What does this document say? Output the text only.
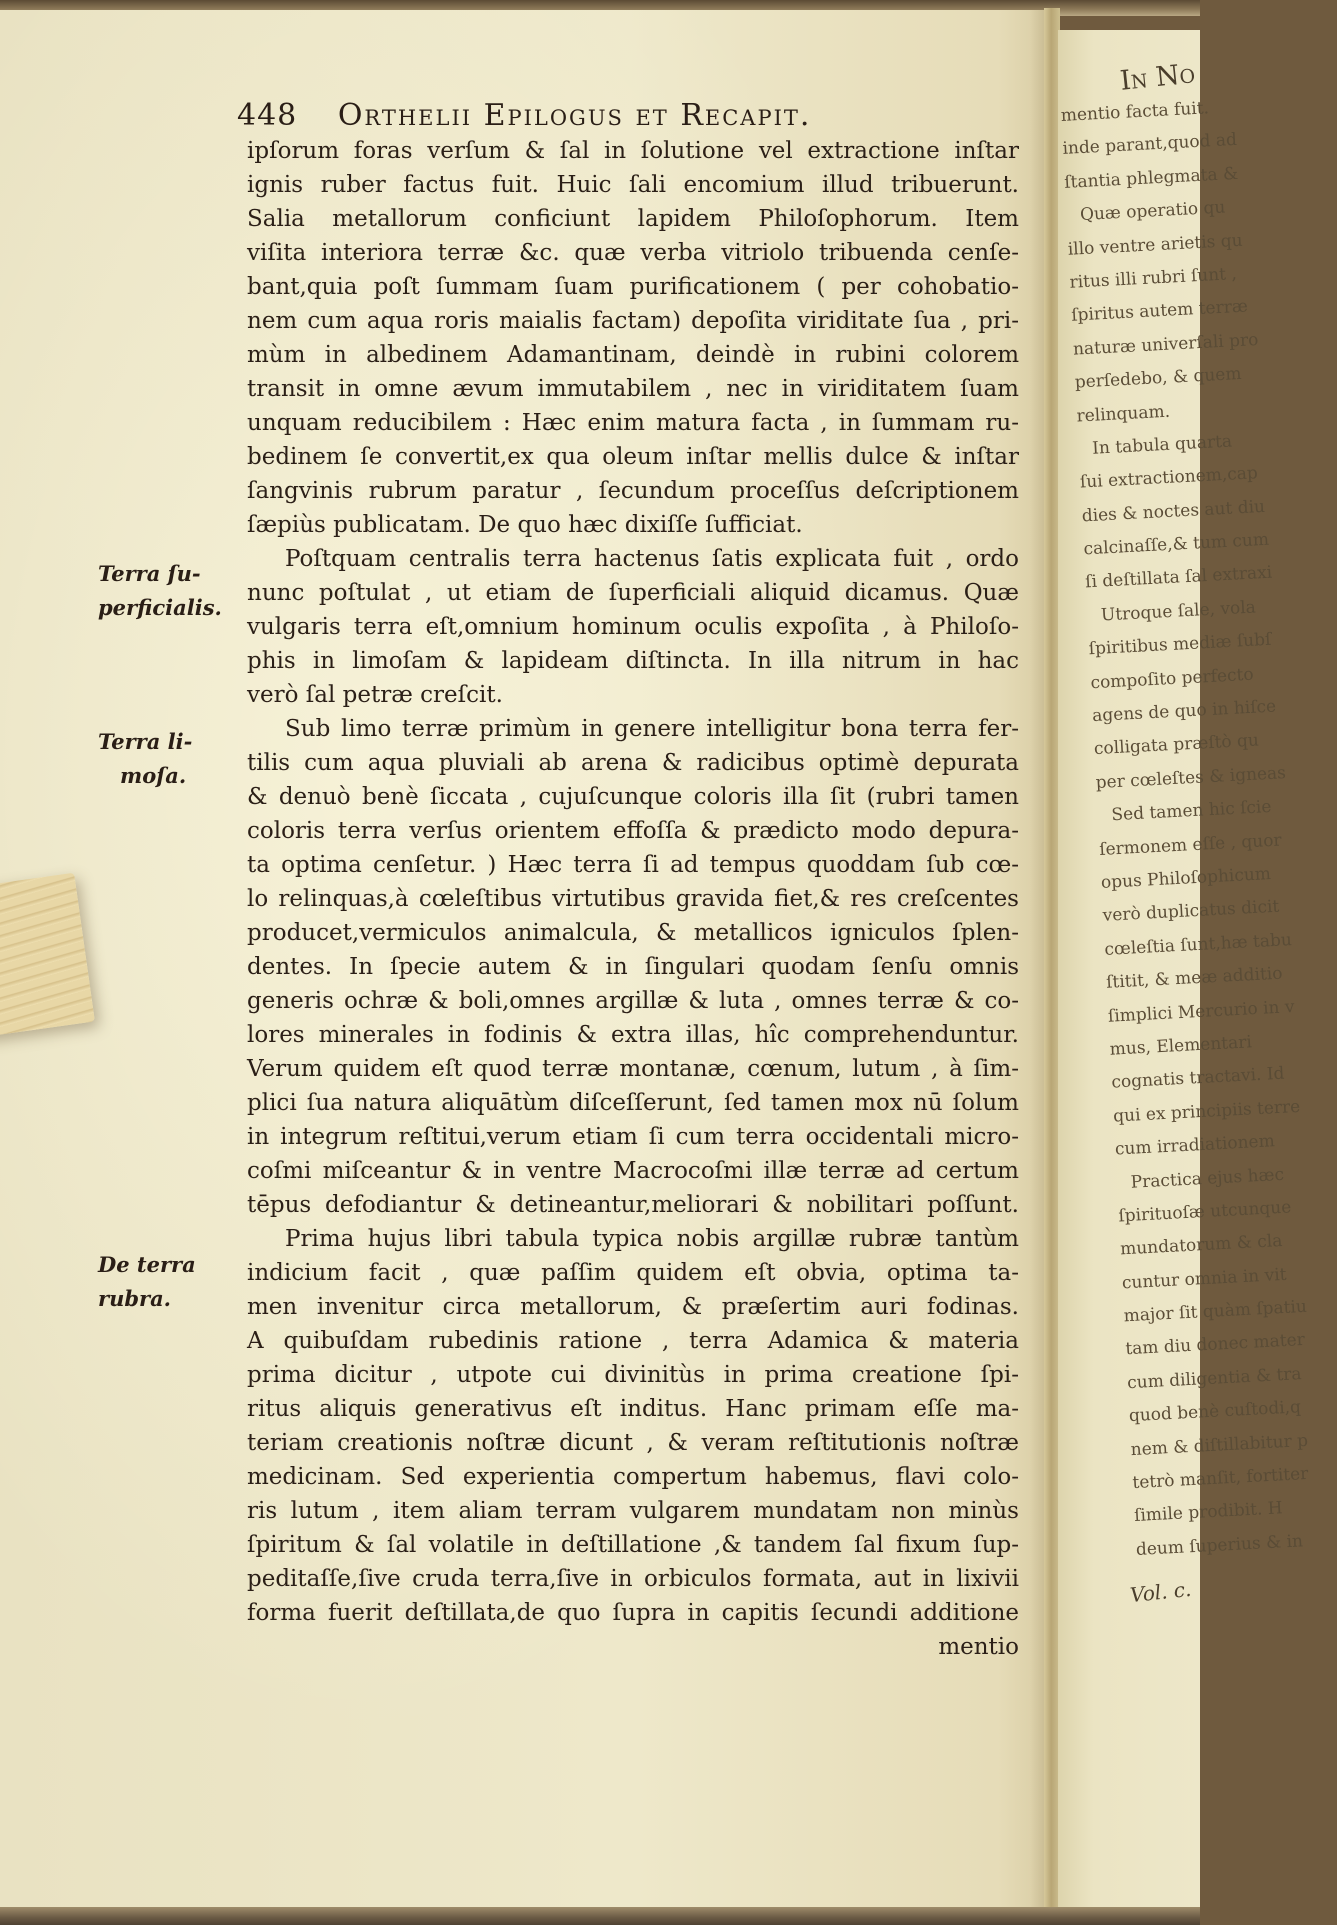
448 Orthelii Epilogus et Recapit.
ipſorum foras verſum & ſal in ſolutione vel extractione inſtar
ignis ruber factus fuit. Huic ſali encomium illud tribuerunt.
Salia metallorum conficiunt lapidem Philoſophorum. Item
viſita interiora terræ &c. quæ verba vitriolo tribuenda cenſe-
bant,quia poſt ſummam ſuam purificationem ( per cohobatio-
nem cum aqua roris maialis factam) depoſita viriditate ſua , pri-
mùm in albedinem Adamantinam, deindè in rubini colorem
transit in omne ævum immutabilem , nec in viriditatem ſuam
unquam reducibilem : Hæc enim matura facta , in ſummam ru-
bedinem ſe convertit,ex qua oleum inſtar mellis dulce & inſtar
ſangvinis rubrum paratur , ſecundum proceſſus deſcriptionem
ſæpiùs publicatam. De quo hæc dixiſſe ſufficiat.
Poſtquam centralis terra hactenus ſatis explicata fuit , ordo
nunc poſtulat , ut etiam de ſuperficiali aliquid dicamus. Quæ
vulgaris terra eſt,omnium hominum oculis expoſita , à Philoſo-
phis in limoſam & lapideam diſtincta. In illa nitrum in hac
verò ſal petræ creſcit.
Sub limo terræ primùm in genere intelligitur bona terra fer-
tilis cum aqua pluviali ab arena & radicibus optimè depurata
& denuò benè ſiccata , cujuſcunque coloris illa ſit (rubri tamen
coloris terra verſus orientem effoſſa & prædicto modo depura-
ta optima cenſetur. ) Hæc terra ſi ad tempus quoddam ſub cœ-
lo relinquas,à cœleſtibus virtutibus gravida fiet,& res creſcentes
producet,vermiculos animalcula, & metallicos igniculos ſplen-
dentes. In ſpecie autem & in ſingulari quodam ſenſu omnis
generis ochræ & boli,omnes argillæ & luta , omnes terræ & co-
lores minerales in fodinis & extra illas, hîc comprehenduntur.
Verum quidem eſt quod terræ montanæ, cœnum, lutum , à ſim-
plici ſua natura aliquātùm diſceſſerunt, ſed tamen mox nū ſolum
in integrum reſtitui,verum etiam ſi cum terra occidentali micro-
coſmi miſceantur & in ventre Macrocoſmi illæ terræ ad certum
tēpus defodiantur & detineantur,meliorari & nobilitari poſſunt.
Prima hujus libri tabula typica nobis argillæ rubræ tantùm
indicium facit , quæ paſſim quidem eſt obvia, optima ta-
men invenitur circa metallorum, & præſertim auri fodinas.
A quibuſdam rubedinis ratione , terra Adamica & materia
prima dicitur , utpote cui divinitùs in prima creatione ſpi-
ritus aliquis generativus eſt inditus. Hanc primam eſſe ma-
teriam creationis noſtræ dicunt , & veram reſtitutionis noſtræ
medicinam. Sed experientia compertum habemus, flavi colo-
ris lutum , item aliam terram vulgarem mundatam non minùs
ſpiritum & ſal volatile in deſtillatione ,& tandem ſal fixum ſup-
peditaſſe,ſive cruda terra,ſive in orbiculos formata, aut in lixivii
forma fuerit deſtillata,de quo ſupra in capitis ſecundi additione
mentio
Terra ſu-
perficialis.
Terra li-
moſa.
De terra
rubra.
In No
mentio facta fuit.
inde parant,quod ad
ſtantia phlegmata &
Quæ operatio qu
illo ventre arietis qu
ritus illi rubri ſunt ,
ſpiritus autem terræ
naturæ univerſali pro
perſedebo, & quem
relinquam.
In tabula quarta
ſui extractionem,cap
dies & noctes aut diu
calcinaſſe,& tum cum
ſi deſtillata ſal extraxi
Utroque ſale, vola
ſpiritibus mediæ ſubſ
compoſito perfecto
agens de quo in hiſce
colligata præſtò qu
per cœleſtes & igneas
Sed tamen hic ſcie
ſermonem eſſe , quor
opus Philoſophicum
verò duplicatus dicit
cœleſtia ſunt,hæ tabu
ſtitit, & meæ additio
ſimplici Mercurio in v
mus, Elementari
cognatis tractavi. Id
qui ex principiis terre
cum irradiationem
Practica ejus hæc
ſpirituoſæ utcunque
mundatorum & cla
cuntur omnia in vit
major ſit quàm ſpatiu
tam diu donec mater
cum diligentia & tra
quod benè cuſtodi,q
nem & diſtillabitur p
tetrò manſit, fortiter
ſimile prodibit. H
deum ſuperius & in
Vol. c.
